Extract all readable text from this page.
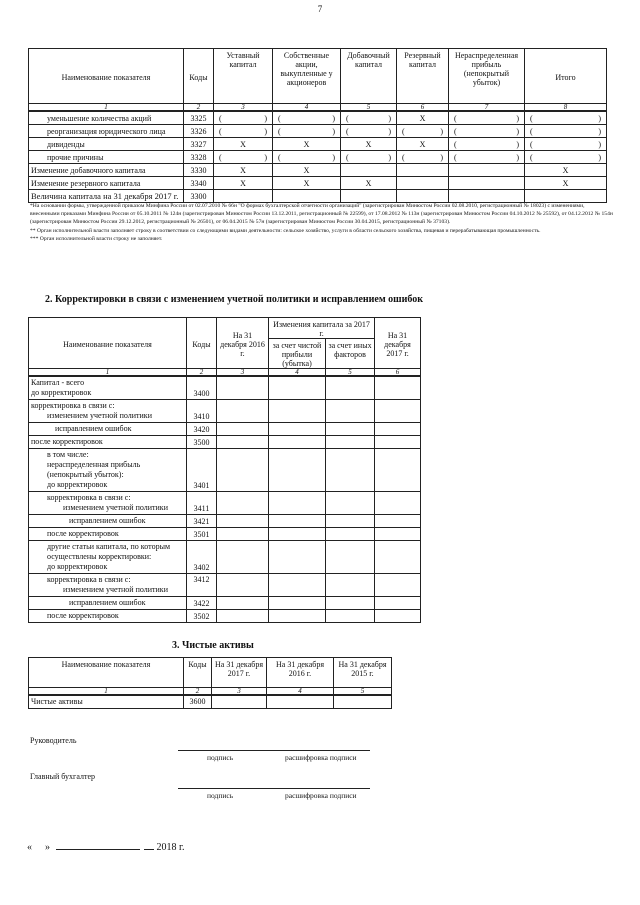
7
Наименование показателя	Коды	Уставный капитал	Собственные акции, выкупленные у акционеров	Добавочный капитал	Резервный капитал	Нераспределенная прибыль (непокрытый убыток)	Итого
1	2	3	4	5	6	7	8
уменьшение количества акций	3325	( )	( )	( )	X	( )	( )

реорганизация юридического лица	3326	( )	( )	( )	( )	( )	( )

дивиденды	3327	X	X	X	X	( )	( )

прочие причины	3328	( )	( )	( )	( )	( )	( )

Изменение добавочного капитала	3330	X	X				X
Изменение резервного капитала	3340	X	X	X			X
Величина капитала на 31 декабря 2017 г.	3300						

*На основании формы, утвержденной приказом Минфина России от 02.07.2010 № 66н "О формах бухгалтерской отчетности организаций" (зарегистрирован Минюстом России 02.08.2010, регистрационный № 18023) с изменениями, внесенными приказами Минфина России от 05.10.2011 № 124н (зарегистрирован Минюстом России 13.12.2011, регистрационный № 22599), от 17.08.2012 № 113н (зарегистрирован Минюстом России 04.10.2012 № 25592), от 04.12.2012 № 154н (зарегистрирован Минюстом России 29.12.2012, регистрационный № 26501), от 06.04.2015 № 57н (зарегистрирован Минюстом России 30.04.2015, регистрационный № 37103).

** Орган исполнительной власти заполняет строку в соответствии со следующими видами деятельности: сельское хозяйство, услуги в области сельского хозяйства, пищевая и перерабатывающая промышленность.

*** Орган исполнительной власти строку не заполняет.

2. Корректировки в связи с изменением учетной политики и исправлением ошибок
Наименование показателя	Коды	На 31 декабря 2016 г.	Изменения капитала за 2017 г.		На 31 декабря 2017 г.
			за счет чистой прибыли (убытка)	за счет иных факторов	
1	2	3	4	5	6

Капитал - всего
до корректировок	3400				

корректировка в связи с:
изменением учетной политики	3410				

исправлением ошибок	3420				

после корректировок	3500				

в том числе:
нераспределенная прибыль
(непокрытый убыток):
до корректировок	3401				

корректировка в связи с:
изменением учетной политики	3411				

исправлением ошибок	3421				

после корректировок	3501				

другие статьи капитала, по которым
осуществлены корректировки:
до корректировок	3402				

корректировка в связи с:
изменением учетной политики	3412				

исправлением ошибок	3422				

после корректировок	3502				
3. Чистые активы
Наименование показателя	Коды	На 31 декабря 2017 г.	На 31 декабря 2016 г.	На 31 декабря 2015 г.
1	2	3	4	5
Чистые активы	3600			
Руководитель
подпись	расшифровка подписи
Главный бухгалтер
подпись	расшифровка подписи
« »	2018 г.
